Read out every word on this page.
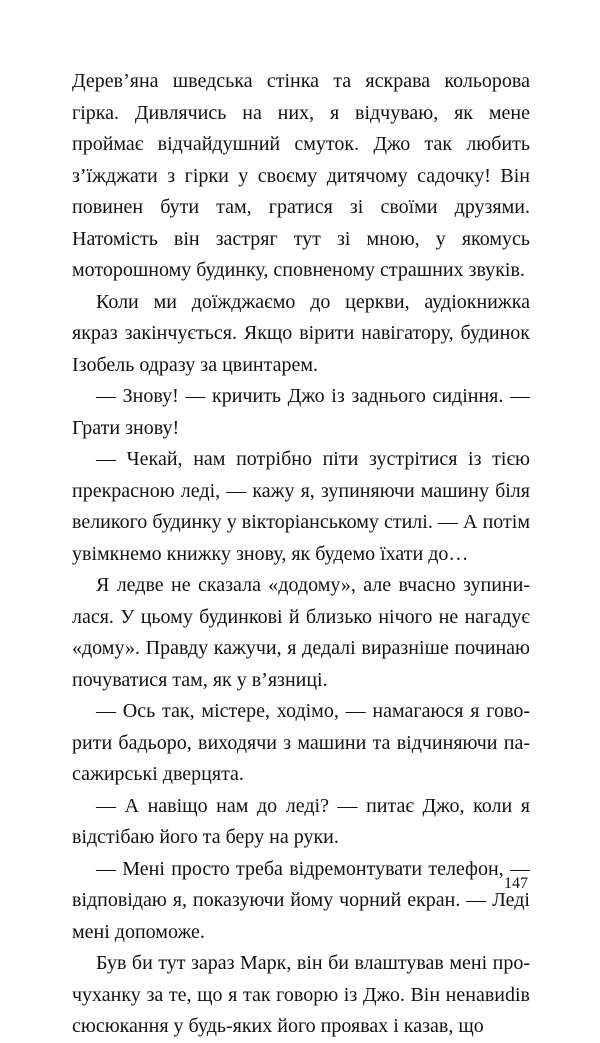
Дерев’яна шведська стінка та яскрава кольорова гірка. Дивлячись на них, я відчуваю, як мене проймає відчайдушний смуток. Джо так любить з’їжджати з гірки у своєму дитячому садочку! Він повинен бути там, гратися зі своїми друзями. Натомість він застряг тут зі мною, у якомусь моторошному будинку, сповненому страшних звуків.

Коли ми доїжджаємо до церкви, аудіокнижка якраз закінчується. Якщо вірити навігатору, будинок Ізобель одразу за цвинтарем.

— Знову! — кричить Джо із заднього сидіння. — Грати знову!

— Чекай, нам потрібно піти зустрітися із тією прекрасною леді, — кажу я, зупиняючи машину біля великого будинку у вікторіанському стилі. — А потім увімкнемо книжку знову, як будемо їхати до…

Я ледве не сказала «додому», але вчасно зупинилася. У цьому будинкові й близько нічого не нагадує «дому». Правду кажучи, я дедалі виразніше починаю почуватися там, як у в’язниці.

— Ось так, містере, ходімо, — намагаюся я говорити бадьоро, виходячи з машини та відчиняючи пасажирські дверцята.

— А навіщо нам до леді? — питає Джо, коли я відстібаю його та беру на руки.

— Мені просто треба відремонтувати телефон, — відповідаю я, показуючи йому чорний екран. — Леді мені допоможе.

Був би тут зараз Марк, він би влаштував мені прочуханку за те, що я так говорю із Джо. Він ненавиdів сюсюкання у будь-яких його проявах і казав, що

147
